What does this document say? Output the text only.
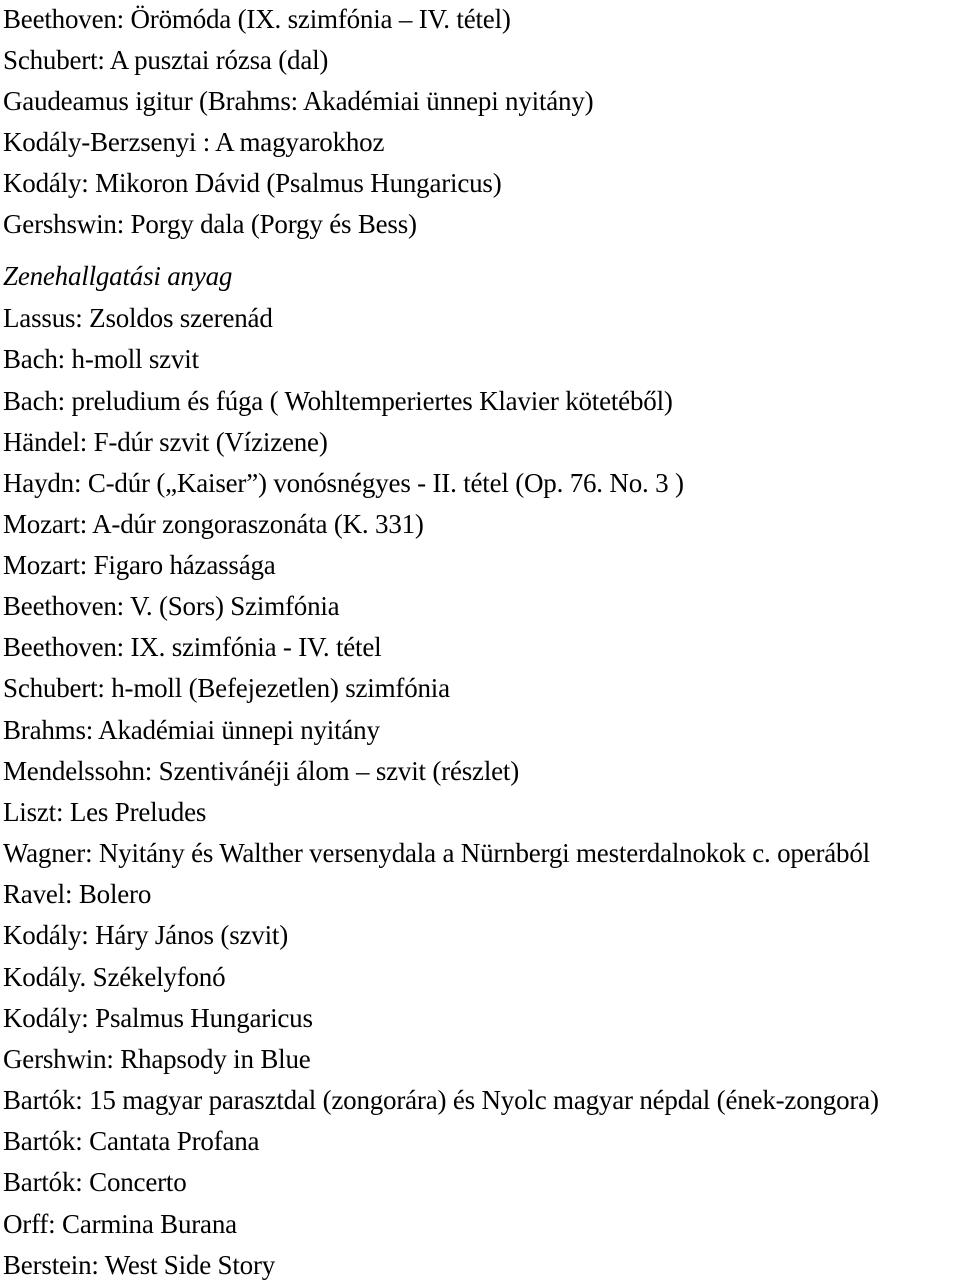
Beethoven: Örömóda (IX. szimfónia – IV. tétel)
Schubert: A pusztai rózsa (dal)
Gaudeamus igitur (Brahms: Akadémiai ünnepi nyitány)
Kodály-Berzsenyi : A magyarokhoz
Kodály: Mikoron Dávid (Psalmus Hungaricus)
Gershswin: Porgy dala (Porgy és Bess)
Zenehallgatási anyag
Lassus: Zsoldos szerenád
Bach: h-moll szvit
Bach: preludium és fúga ( Wohltemperiertes Klavier kötetéből)
Händel: F-dúr szvit (Vízizene)
Haydn: C-dúr („Kaiser”) vonósnégyes - II. tétel (Op. 76. No. 3 )
Mozart: A-dúr zongoraszonáta (K. 331)
Mozart: Figaro házassága
Beethoven: V. (Sors) Szimfónia
Beethoven: IX. szimfónia - IV. tétel
Schubert: h-moll (Befejezetlen) szimfónia
Brahms: Akadémiai ünnepi nyitány
Mendelssohn: Szentivánéji álom – szvit (részlet)
Liszt: Les Preludes
Wagner: Nyitány és Walther versenydala a Nürnbergi mesterdalnokok c. operából
Ravel: Bolero
Kodály: Háry János (szvit)
Kodály. Székelyfonó
Kodály: Psalmus Hungaricus
Gershwin: Rhapsody in Blue
Bartók: 15 magyar parasztdal (zongorára) és Nyolc magyar népdal (ének-zongora)
Bartók: Cantata Profana
Bartók: Concerto
Orff: Carmina Burana
Berstein: West Side Story
